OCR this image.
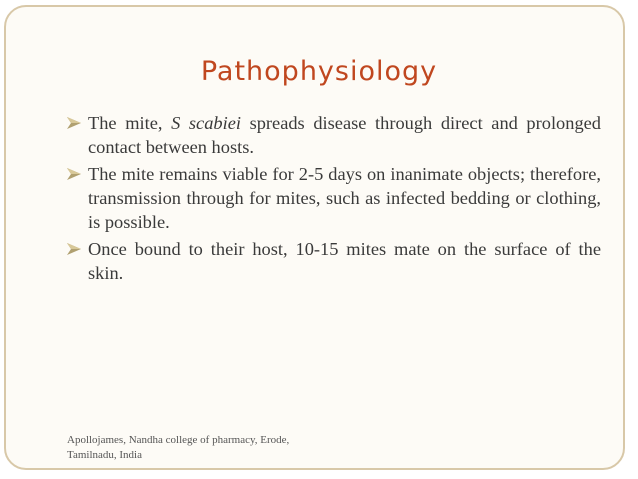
Pathophysiology
The mite, S scabiei spreads disease through direct and prolonged contact between hosts.
The mite remains viable for 2-5 days on inanimate objects; therefore, transmission through for mites, such as infected bedding or clothing, is possible.
Once bound to their host, 10-15 mites mate on the surface of the skin.
Apollojames, Nandha college of pharmacy, Erode,
Tamilnadu, India
